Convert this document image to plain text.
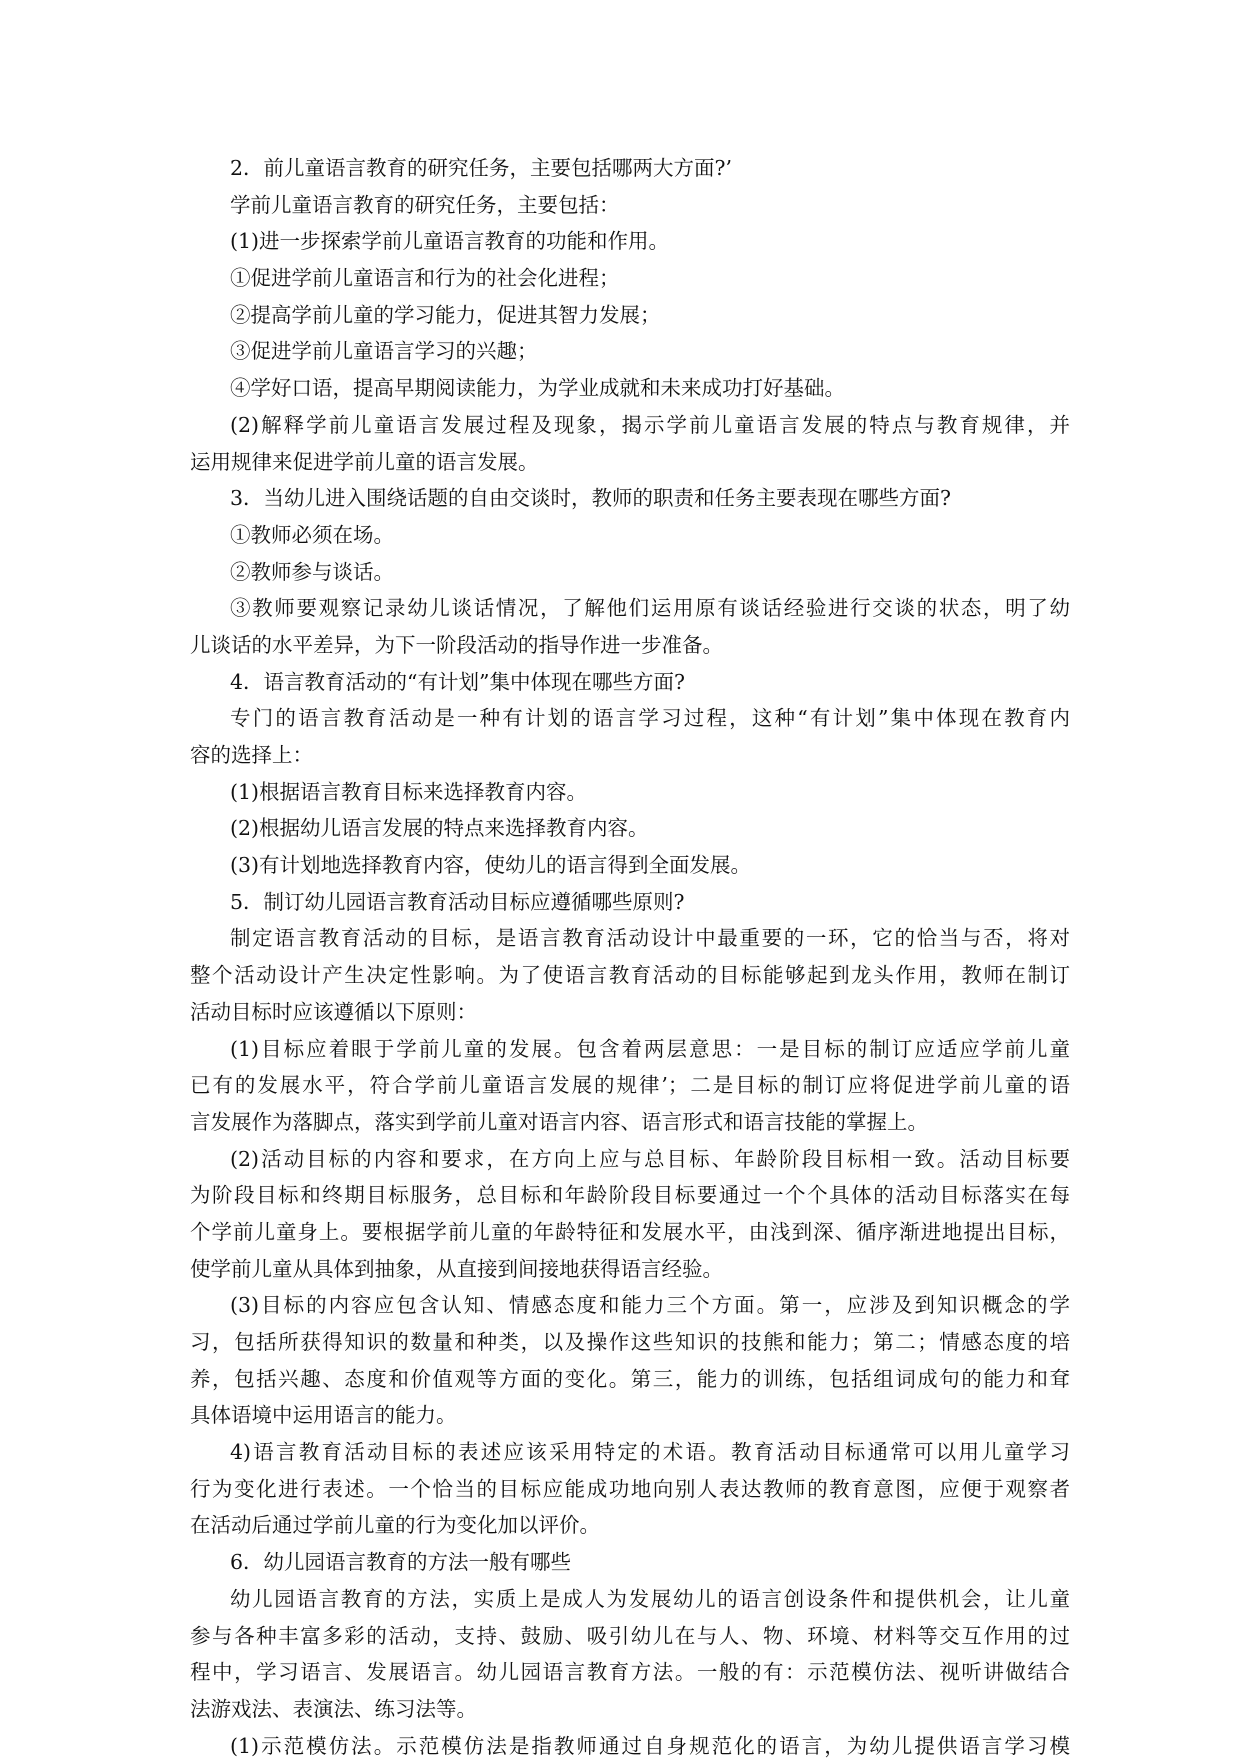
2．前儿童语言教育的研究任务，主要包括哪两大方面?’
学前儿童语言教育的研究任务，主要包括：
(1)进一步探索学前儿童语言教育的功能和作用。
①促进学前儿童语言和行为的社会化进程；
②提高学前儿童的学习能力，促进其智力发展；
③促进学前儿童语言学习的兴趣；
④学好口语，提高早期阅读能力，为学业成就和未来成功打好基础。
(2)解释学前儿童语言发展过程及现象，揭示学前儿童语言发展的特点与教育规律，并
运用规律来促进学前儿童的语言发展。
3．当幼儿进入围绕话题的自由交谈时，教师的职责和任务主要表现在哪些方面?
①教师必须在场。
②教师参与谈话。
③教师要观察记录幼儿谈话情况，了解他们运用原有谈话经验进行交谈的状态，明了幼
儿谈话的水平差异，为下一阶段活动的指导作进一步准备。
4．语言教育活动的“有计划”集中体现在哪些方面?
专门的语言教育活动是一种有计划的语言学习过程，这种“有计划”集中体现在教育内
容的选择上：
(1)根据语言教育目标来选择教育内容。
(2)根据幼儿语言发展的特点来选择教育内容。
(3)有计划地选择教育内容，使幼儿的语言得到全面发展。
5．制订幼儿园语言教育活动目标应遵循哪些原则?
制定语言教育活动的目标，是语言教育活动设计中最重要的一环，它的恰当与否，将对
整个活动设计产生决定性影响。为了使语言教育活动的目标能够起到龙头作用，教师在制订
活动目标时应该遵循以下原则：
(1)目标应着眼于学前儿童的发展。包含着两层意思：一是目标的制订应适应学前儿童
已有的发展水平，符合学前儿童语言发展的规律’；二是目标的制订应将促进学前儿童的语
言发展作为落脚点，落实到学前儿童对语言内容、语言形式和语言技能的掌握上。
(2)活动目标的内容和要求，在方向上应与总目标、年龄阶段目标相一致。活动目标要
为阶段目标和终期目标服务，总目标和年龄阶段目标要通过一个个具体的活动目标落实在每
个学前儿童身上。要根据学前儿童的年龄特征和发展水平，由浅到深、循序渐进地提出目标，
使学前儿童从具体到抽象，从直接到间接地获得语言经验。
(3)目标的内容应包含认知、情感态度和能力三个方面。第一，应涉及到知识概念的学
习，包括所获得知识的数量和种类，以及操作这些知识的技熊和能力；第二；情感态度的培
养，包括兴趣、态度和价值观等方面的变化。第三，能力的训练，包括组词成句的能力和耷
具体语境中运用语言的能力。
4)语言教育活动目标的表述应该采用特定的术语。教育活动目标通常可以用儿童学习
行为变化进行表述。一个恰当的目标应能成功地向别人表达教师的教育意图，应便于观察者
在活动后通过学前儿童的行为变化加以评价。
6．幼儿园语言教育的方法一般有哪些
幼儿园语言教育的方法，实质上是成人为发展幼儿的语言创设条件和提供机会，让儿童
参与各种丰富多彩的活动，支持、鼓励、吸引幼儿在与人、物、环境、材料等交互作用的过
程中，学习语言、发展语言。幼儿园语言教育方法。一般的有：示范模仿法、视听讲做结合
法游戏法、表演法、练习法等。
(1)示范模仿法。示范模仿法是指教师通过自身规范化的语言，为幼儿提供语言学习模
